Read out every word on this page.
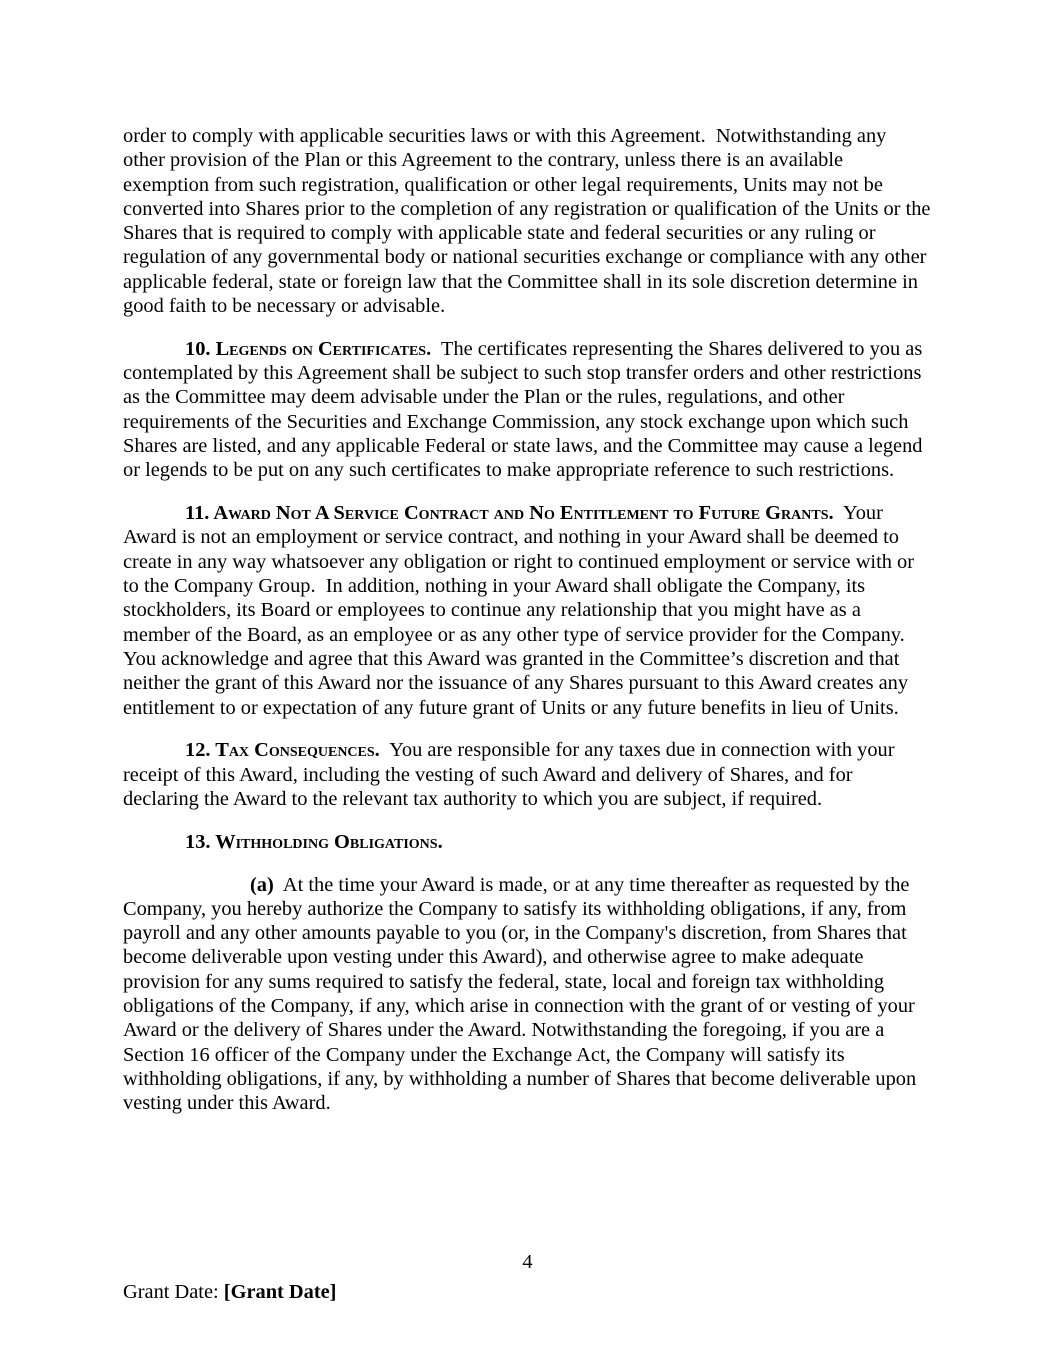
order to comply with applicable securities laws or with this Agreement.  Notwithstanding any other provision of the Plan or this Agreement to the contrary, unless there is an available exemption from such registration, qualification or other legal requirements, Units may not be converted into Shares prior to the completion of any registration or qualification of the Units or the Shares that is required to comply with applicable state and federal securities or any ruling or regulation of any governmental body or national securities exchange or compliance with any other applicable federal, state or foreign law that the Committee shall in its sole discretion determine in good faith to be necessary or advisable.

10. Legends on Certificates.  The certificates representing the Shares delivered to you as contemplated by this Agreement shall be subject to such stop transfer orders and other restrictions as the Committee may deem advisable under the Plan or the rules, regulations, and other requirements of the Securities and Exchange Commission, any stock exchange upon which such Shares are listed, and any applicable Federal or state laws, and the Committee may cause a legend or legends to be put on any such certificates to make appropriate reference to such restrictions.

11. Award Not A Service Contract and No Entitlement to Future Grants.  Your Award is not an employment or service contract, and nothing in your Award shall be deemed to create in any way whatsoever any obligation or right to continued employment or service with or to the Company Group.  In addition, nothing in your Award shall obligate the Company, its stockholders, its Board or employees to continue any relationship that you might have as a member of the Board, as an employee or as any other type of service provider for the Company.  You acknowledge and agree that this Award was granted in the Committee’s discretion and that neither the grant of this Award nor the issuance of any Shares pursuant to this Award creates any entitlement to or expectation of any future grant of Units or any future benefits in lieu of Units.

12. Tax Consequences.  You are responsible for any taxes due in connection with your receipt of this Award, including the vesting of such Award and delivery of Shares, and for declaring the Award to the relevant tax authority to which you are subject, if required.

13. Withholding Obligations.

(a)  At the time your Award is made, or at any time thereafter as requested by the Company, you hereby authorize the Company to satisfy its withholding obligations, if any, from payroll and any other amounts payable to you (or, in the Company's discretion, from Shares that become deliverable upon vesting under this Award), and otherwise agree to make adequate provision for any sums required to satisfy the federal, state, local and foreign tax withholding obligations of the Company, if any, which arise in connection with the grant of or vesting of your Award or the delivery of Shares under the Award. Notwithstanding the foregoing, if you are a Section 16 officer of the Company under the Exchange Act, the Company will satisfy its withholding obligations, if any, by withholding a number of Shares that become deliverable upon vesting under this Award.

4
Grant Date: [Grant Date]
